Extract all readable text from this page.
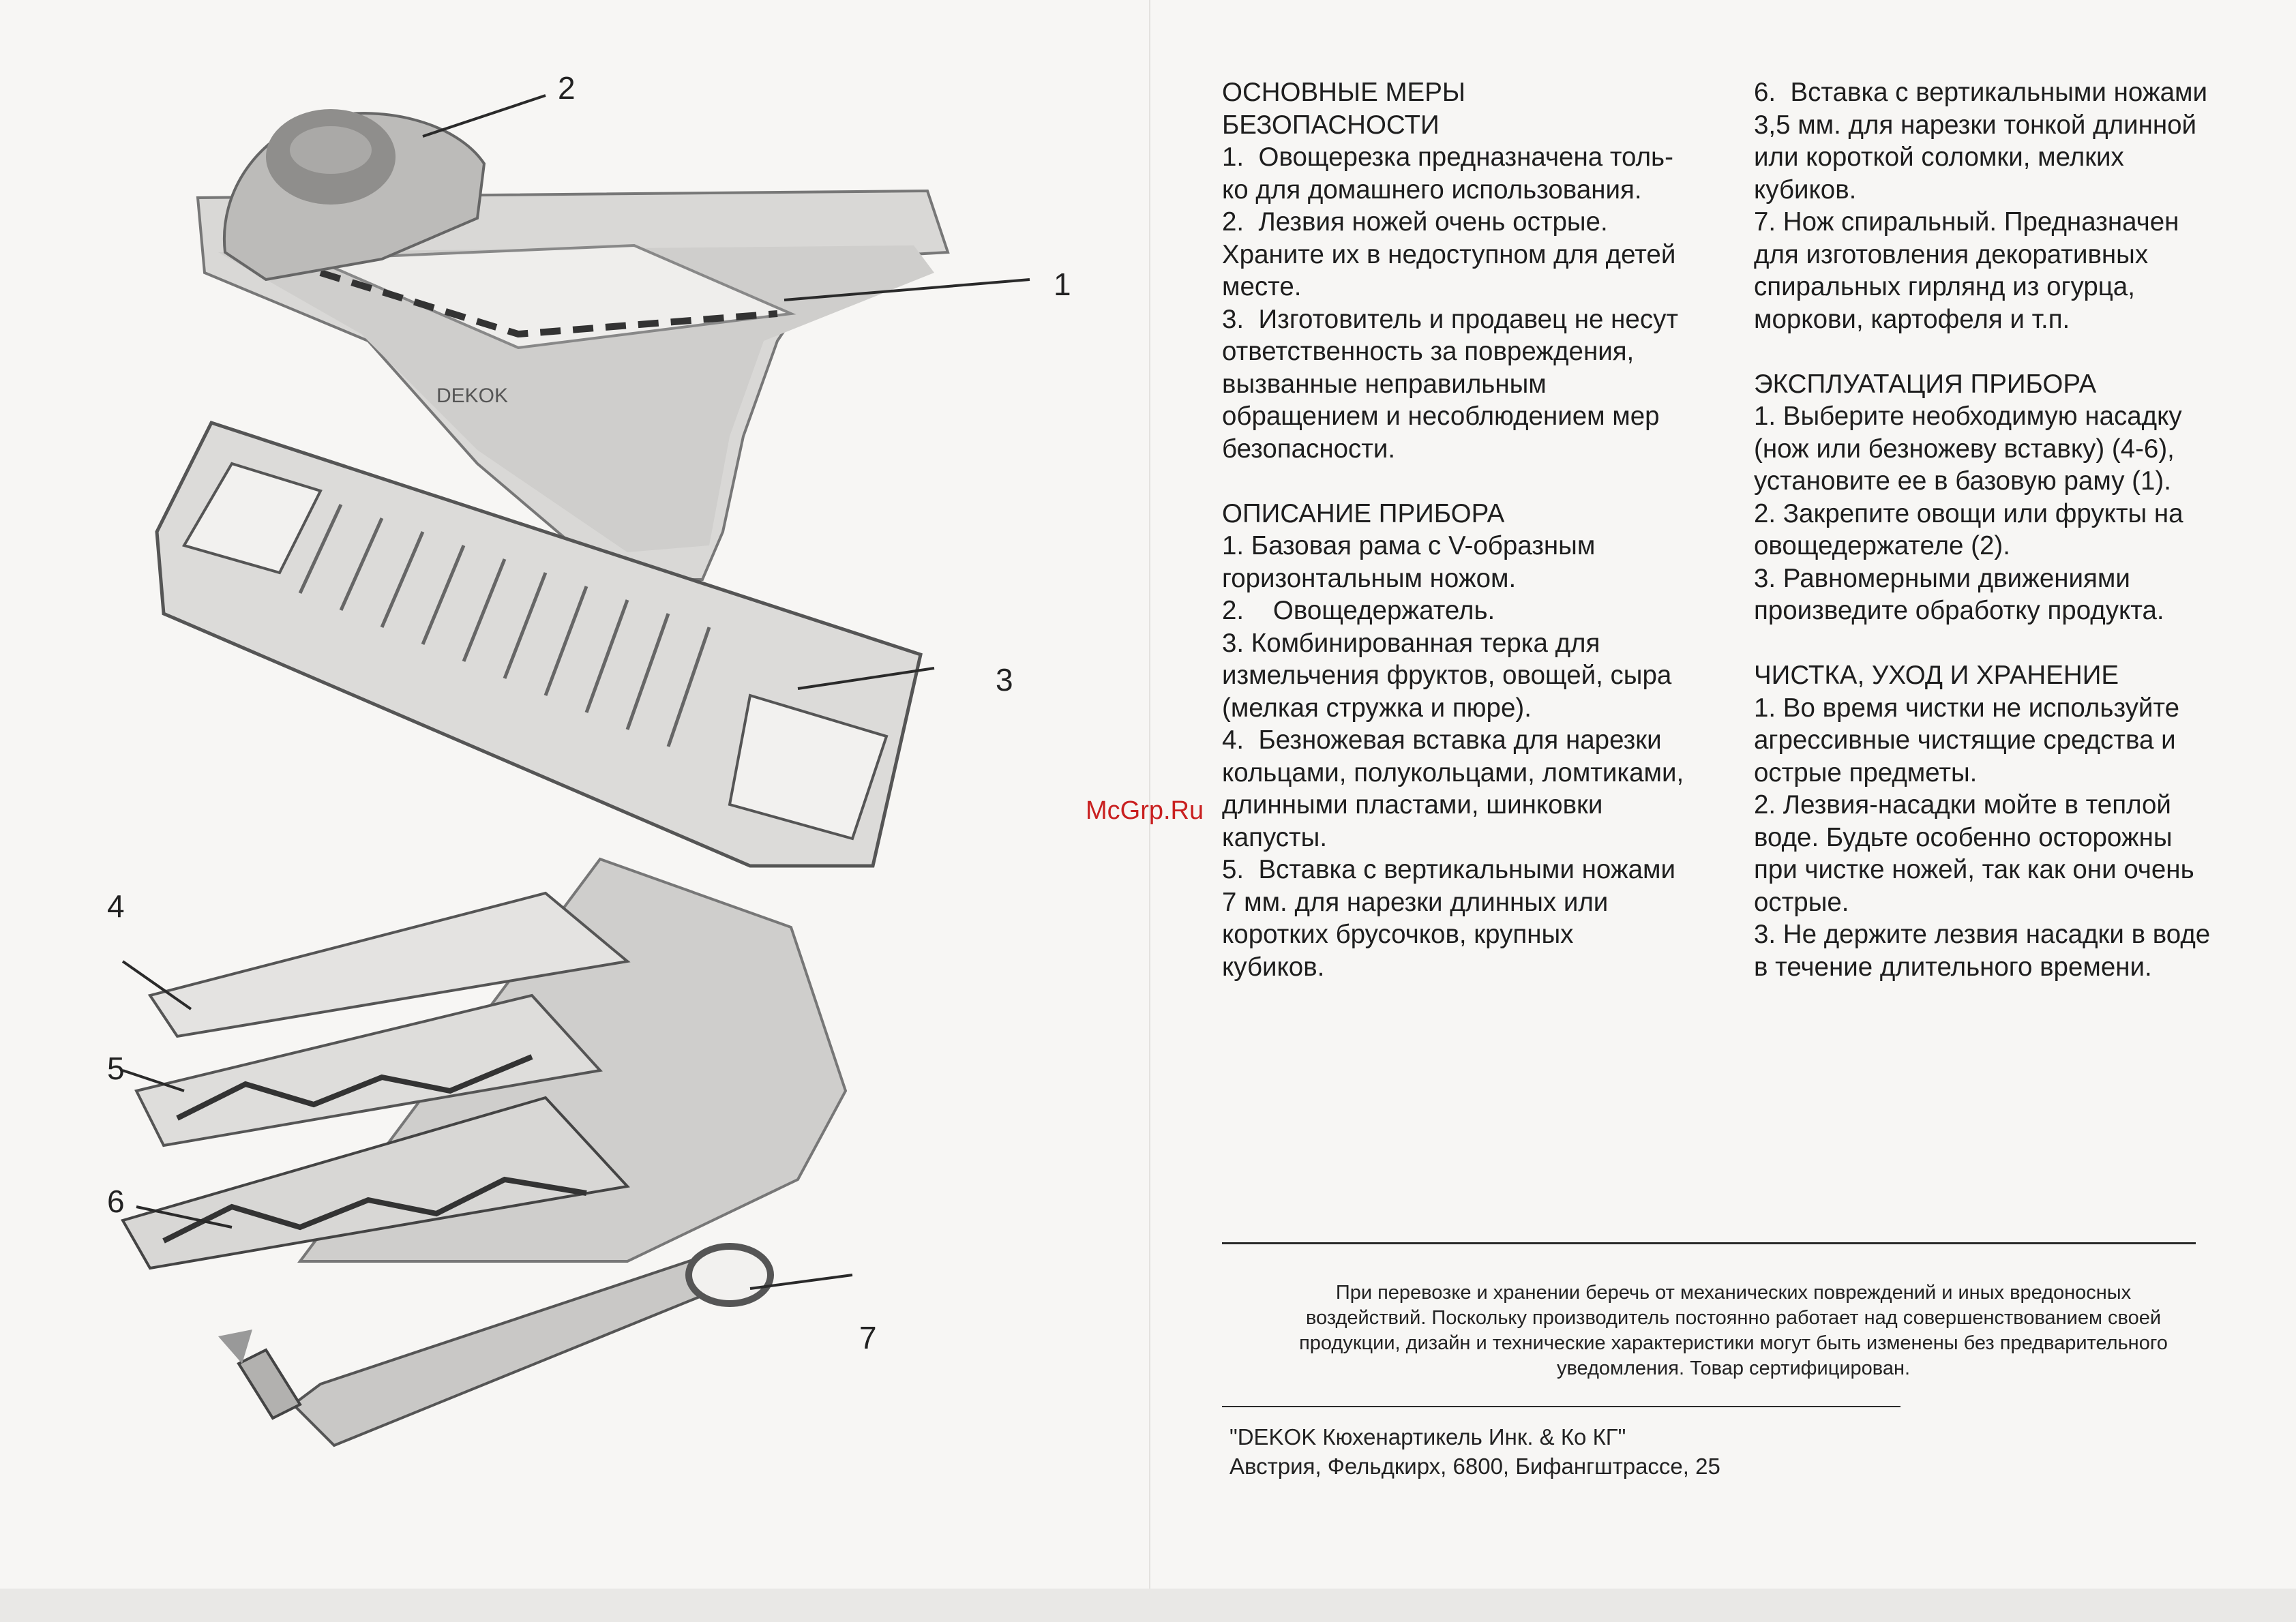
DEKOK
1
2
3
4
5
6
7
McGrp.Ru

ОСНОВНЫЕ МЕРЫ

БЕЗОПАСНОСТИ

1.  Овощерезка предназначена толь-

ко для домашнего использования.

2.  Лезвия ножей очень острые.

Храните их в недоступном для детей

месте.

3.  Изготовитель и продавец не несут

ответственность за повреждения,

вызванные неправильным

обращением и несоблюдением мер

безопасности.

ОПИСАНИЕ ПРИБОРА

1. Базовая рама с V-образным

горизонтальным ножом.

2.    Овощедержатель.

3. Комбинированная терка для

измельчения фруктов, овощей, сыра

(мелкая стружка и пюре).

4.  Безножевая вставка для нарезки

кольцами, полукольцами, ломтиками,

длинными пластами, шинковки

капусты.

5.  Вставка с вертикальными ножами

7 мм. для нарезки длинных или

коротких брусочков, крупных

кубиков.

6.  Вставка с вертикальными ножами

3,5 мм. для нарезки тонкой длинной

или короткой соломки, мелких

кубиков.

7. Нож спиральный. Предназначен

для изготовления декоративных

спиральных гирлянд из огурца,

моркови, картофеля и т.п.

ЭКСПЛУАТАЦИЯ ПРИБОРА

1. Выберите необходимую насадку

(нож или безножеву вставку) (4-6),

установите ее в базовую раму (1).

2. Закрепите овощи или фрукты на

овощедержателе (2).

3. Равномерными движениями

произведите обработку продукта.

ЧИСТКА, УХОД И ХРАНЕНИЕ

1. Во время чистки не используйте

агрессивные чистящие средства и

острые предметы.

2. Лезвия-насадки мойте в теплой

воде. Будьте особенно осторожны

при чистке ножей, так как они очень

острые.

3. Не держите лезвия насадки в воде

в течение длительного времени.

При перевозке и хранении беречь от механических повреждений и иных вредоносных

воздействий. Поскольку производитель постоянно работает над совершенствованием своей

продукции, дизайн и технические характеристики могут быть изменены без предварительного

уведомления. Товар сертифицирован.

"DEKOK Кюхенартикель Инк. & Ко КГ"

Австрия, Фельдкирх, 6800, Бифангштрассе, 25
